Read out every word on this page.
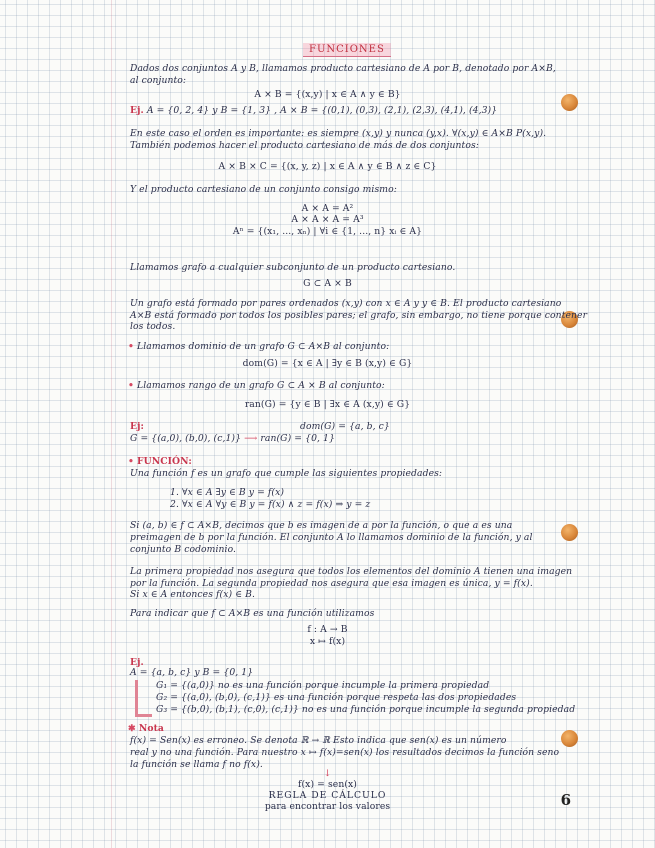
FUNCIONES
Dados dos conjuntos A y B, llamamos producto cartesiano de A por B, denotado por A×B,
al conjunto:
A × B = {(x,y) | x ∈ A ∧ y ∈ B}
Ej. A = {0, 2, 4} y B = {1, 3} , A × B = {(0,1), (0,3), (2,1), (2,3), (4,1), (4,3)}
En este caso el orden es importante: es siempre (x,y) y nunca (y,x). ∀(x,y) ∈ A×B P(x,y).
También podemos hacer el producto cartesiano de más de dos conjuntos:
A × B × C = {(x, y, z) | x ∈ A ∧ y ∈ B ∧ z ∈ C}
Y el producto cartesiano de un conjunto consigo mismo:
A × A = A²
A × A × A = A³
Aⁿ = {(x₁, ..., xₙ) | ∀i ∈ {1, ..., n} xᵢ ∈ A}
Llamamos grafo a cualquier subconjunto de un producto cartesiano.
G ⊂ A × B
Un grafo está formado por pares ordenados (x,y) con x ∈ A y y ∈ B. El producto cartesiano
A×B está formado por todos los posibles pares; el grafo, sin embargo, no tiene porque contener
los todos.
• Llamamos dominio de un grafo G ⊂ A×B al conjunto:
dom(G) = {x ∈ A | ∃y ∈ B (x,y) ∈ G}
• Llamamos rango de un grafo G ⊂ A × B al conjunto:
ran(G) = {y ∈ B | ∃x ∈ A (x,y) ∈ G}
dom(G) = {a, b, c}
Ej:
G = {(a,0), (b,0), (c,1)} ⟶ ran(G) = {0, 1}
• FUNCIÓN:
Una función f es un grafo que cumple las siguientes propiedades:
1. ∀x ∈ A ∃y ∈ B y = f(x)
2. ∀x ∈ A ∀y ∈ B y = f(x) ∧ z = f(x) ⇒ y = z
Si (a, b) ∈ f ⊂ A×B, decimos que b es imagen de a por la función, o que a es una
preimagen de b por la función. El conjunto A lo llamamos dominio de la función, y al
conjunto B codominio.
La primera propiedad nos asegura que todos los elementos del dominio A tienen una imagen
por la función. La segunda propiedad nos asegura que esa imagen es única, y = f(x).
Si x ∈ A entonces f(x) ∈ B.
Para indicar que f ⊂ A×B es una función utilizamos
f : A → B
x ↦ f(x)
Ej.
A = {a, b, c} y B = {0, 1}
G₁ = {(a,0)} no es una función porque incumple la primera propiedad
G₂ = {(a,0), (b,0), (c,1)} es una función porque respeta las dos propiedades
G₃ = {(b,0), (b,1), (c,0), (c,1)} no es una función porque incumple la segunda propiedad
✱ Nota
f(x) = Sen(x) es erroneo. Se denota ℝ → ℝ Esto indica que sen(x) es un número
real y no una función. Para nuestro x ↦ f(x)=sen(x) los resultados decimos la función seno
la función se llama f no f(x).
↓
f(x) = sen(x)
REGLA DE CÁLCULO
para encontrar los valores	6
